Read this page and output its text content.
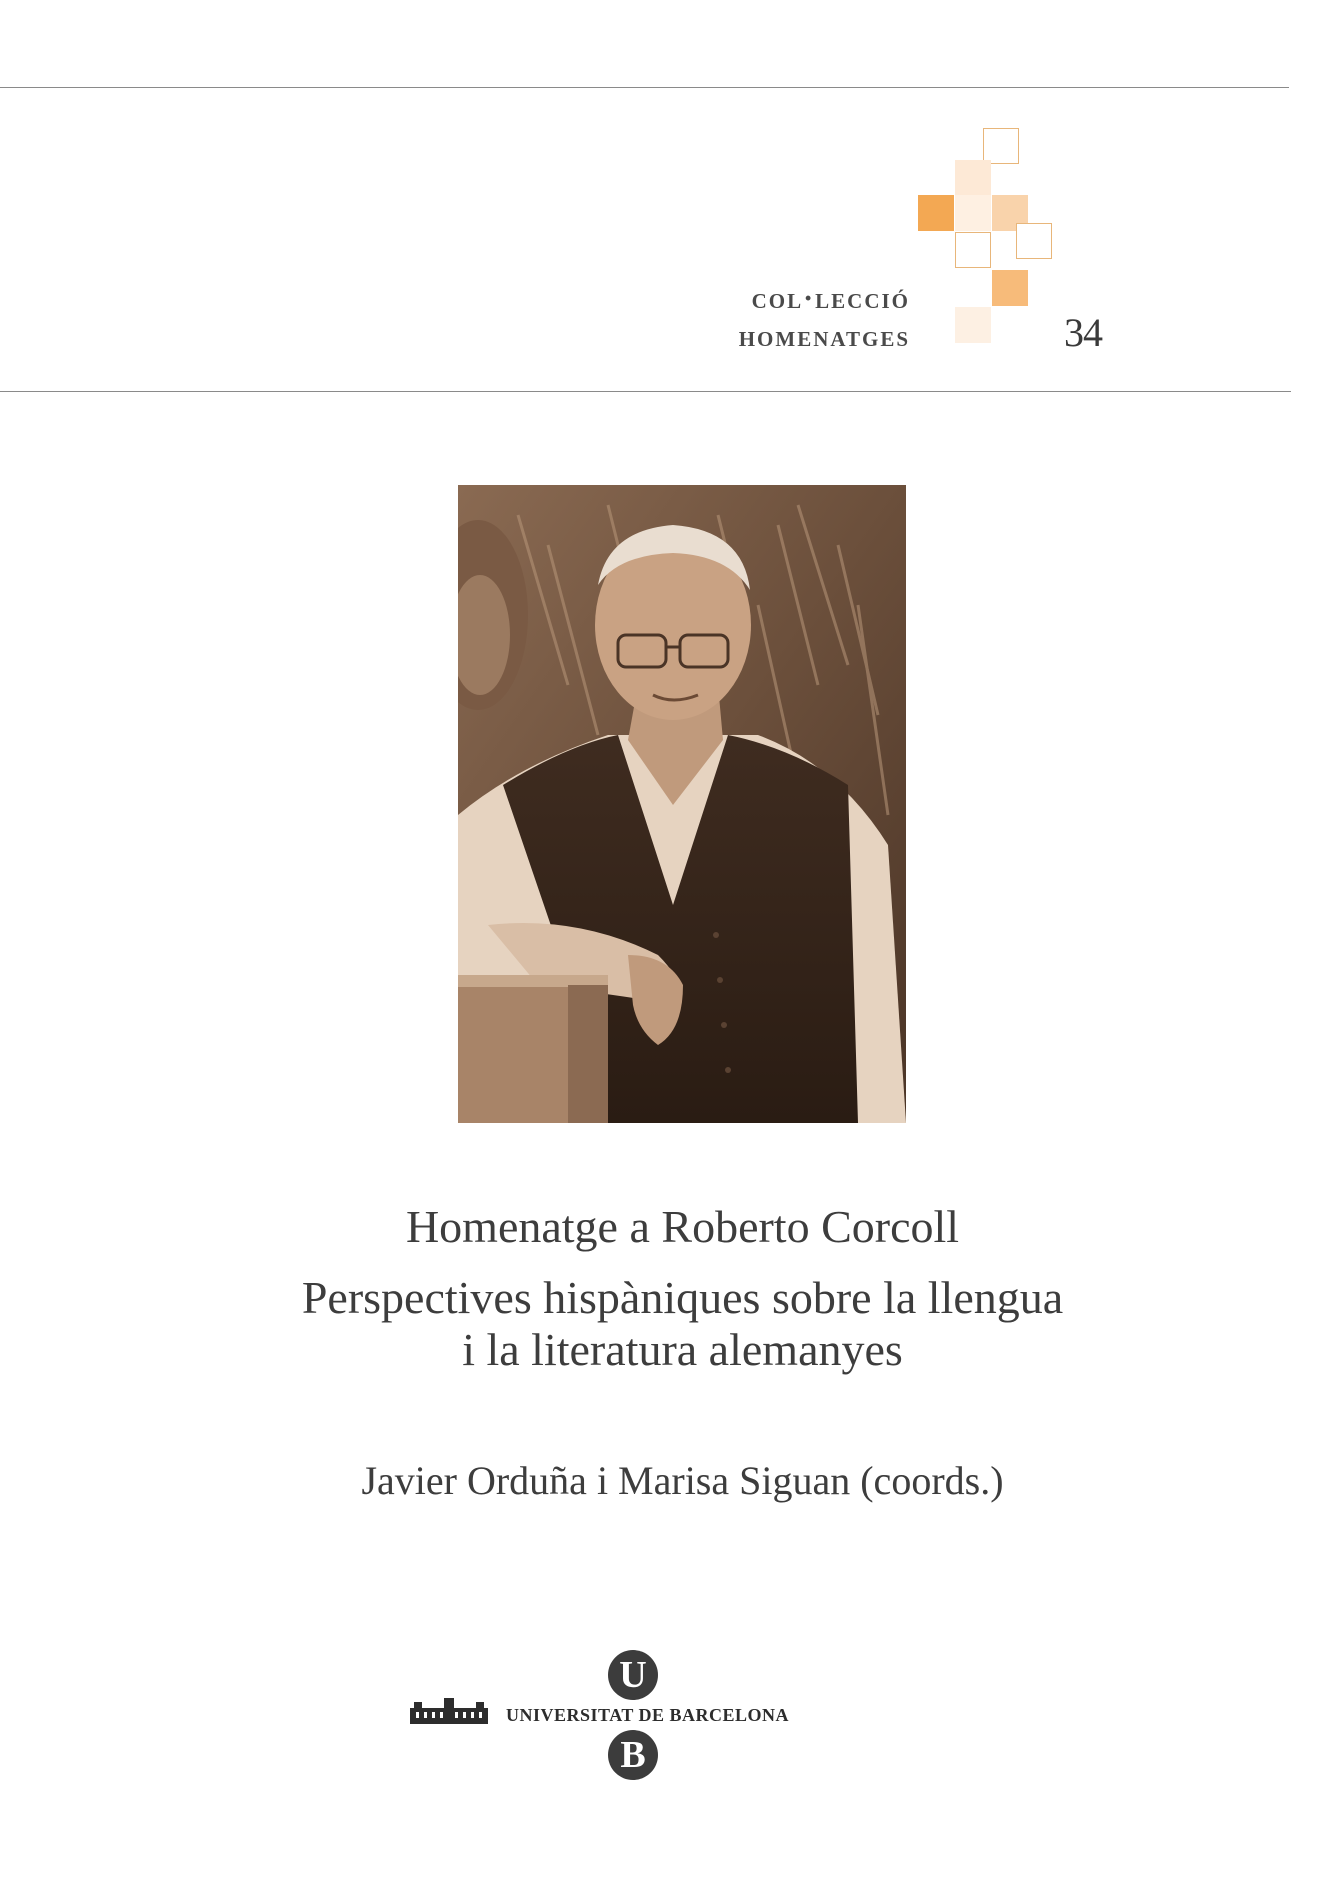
col·lecció
homenatges	34
Homenatge a Roberto Corcoll
Perspectives hispàniques sobre la llengua
i la literatura alemanyes
Javier Orduña i Marisa Siguan (coords.)
U
UNIVERSITAT DE BARCELONA
B
